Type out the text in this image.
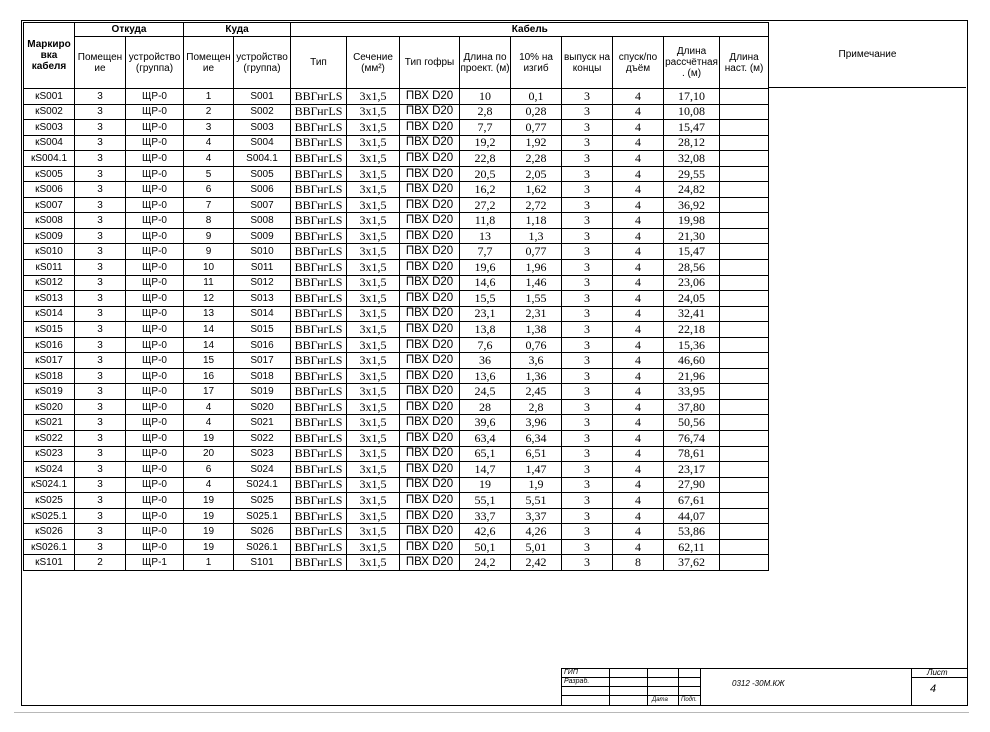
Маркиро вка кабеля	Откуда		Куда		Кабель								
	Помещен ие	устройство (группа)	Помещен ие	устройство (группа)	Тип	Сечение (мм²)	Тип гофры	Длина по проект. (м)	10% на изгиб	выпуск на концы	спуск/по дъём	Длина рассчётная . (м)	Длина наст. (м)
кS001	3	ЩР-0	1	S001	ВВГнгLS	3х1,5	ПВХ D20	10	0,1	3	4	17,10	
кS002	3	ЩР-0	2	S002	ВВГнгLS	3х1,5	ПВХ D20	2,8	0,28	3	4	10,08	
кS003	3	ЩР-0	3	S003	ВВГнгLS	3х1,5	ПВХ D20	7,7	0,77	3	4	15,47	
кS004	3	ЩР-0	4	S004	ВВГнгLS	3х1,5	ПВХ D20	19,2	1,92	3	4	28,12	
кS004.1	3	ЩР-0	4	S004.1	ВВГнгLS	3х1,5	ПВХ D20	22,8	2,28	3	4	32,08	
кS005	3	ЩР-0	5	S005	ВВГнгLS	3х1,5	ПВХ D20	20,5	2,05	3	4	29,55	
кS006	3	ЩР-0	6	S006	ВВГнгLS	3х1,5	ПВХ D20	16,2	1,62	3	4	24,82	
кS007	3	ЩР-0	7	S007	ВВГнгLS	3х1,5	ПВХ D20	27,2	2,72	3	4	36,92	
кS008	3	ЩР-0	8	S008	ВВГнгLS	3х1,5	ПВХ D20	11,8	1,18	3	4	19,98	
кS009	3	ЩР-0	9	S009	ВВГнгLS	3х1,5	ПВХ D20	13	1,3	3	4	21,30	
кS010	3	ЩР-0	9	S010	ВВГнгLS	3х1,5	ПВХ D20	7,7	0,77	3	4	15,47	
кS011	3	ЩР-0	10	S011	ВВГнгLS	3х1,5	ПВХ D20	19,6	1,96	3	4	28,56	
кS012	3	ЩР-0	11	S012	ВВГнгLS	3х1,5	ПВХ D20	14,6	1,46	3	4	23,06	
кS013	3	ЩР-0	12	S013	ВВГнгLS	3х1,5	ПВХ D20	15,5	1,55	3	4	24,05	
кS014	3	ЩР-0	13	S014	ВВГнгLS	3х1,5	ПВХ D20	23,1	2,31	3	4	32,41	
кS015	3	ЩР-0	14	S015	ВВГнгLS	3х1,5	ПВХ D20	13,8	1,38	3	4	22,18	
кS016	3	ЩР-0	14	S016	ВВГнгLS	3х1,5	ПВХ D20	7,6	0,76	3	4	15,36	
кS017	3	ЩР-0	15	S017	ВВГнгLS	3х1,5	ПВХ D20	36	3,6	3	4	46,60	
кS018	3	ЩР-0	16	S018	ВВГнгLS	3х1,5	ПВХ D20	13,6	1,36	3	4	21,96	
кS019	3	ЩР-0	17	S019	ВВГнгLS	3х1,5	ПВХ D20	24,5	2,45	3	4	33,95	
кS020	3	ЩР-0	4	S020	ВВГнгLS	3х1,5	ПВХ D20	28	2,8	3	4	37,80	
кS021	3	ЩР-0	4	S021	ВВГнгLS	3х1,5	ПВХ D20	39,6	3,96	3	4	50,56	
кS022	3	ЩР-0	19	S022	ВВГнгLS	3х1,5	ПВХ D20	63,4	6,34	3	4	76,74	
кS023	3	ЩР-0	20	S023	ВВГнгLS	3х1,5	ПВХ D20	65,1	6,51	3	4	78,61	
кS024	3	ЩР-0	6	S024	ВВГнгLS	3х1,5	ПВХ D20	14,7	1,47	3	4	23,17	
кS024.1	3	ЩР-0	4	S024.1	ВВГнгLS	3х1,5	ПВХ D20	19	1,9	3	4	27,90	
кS025	3	ЩР-0	19	S025	ВВГнгLS	3х1,5	ПВХ D20	55,1	5,51	3	4	67,61	
кS025.1	3	ЩР-0	19	S025.1	ВВГнгLS	3х1,5	ПВХ D20	33,7	3,37	3	4	44,07	
кS026	3	ЩР-0	19	S026	ВВГнгLS	3х1,5	ПВХ D20	42,6	4,26	3	4	53,86	
кS026.1	3	ЩР-0	19	S026.1	ВВГнгLS	3х1,5	ПВХ D20	50,1	5,01	3	4	62,11	
кS101	2	ЩР-1	1	S101	ВВГнгLS	3х1,5	ПВХ D20	24,2	2,42	3	8	37,62	
Примечание
ГИП
Разраб.
Дата Подп.
0312 -30М.КЖ
Лист
4
